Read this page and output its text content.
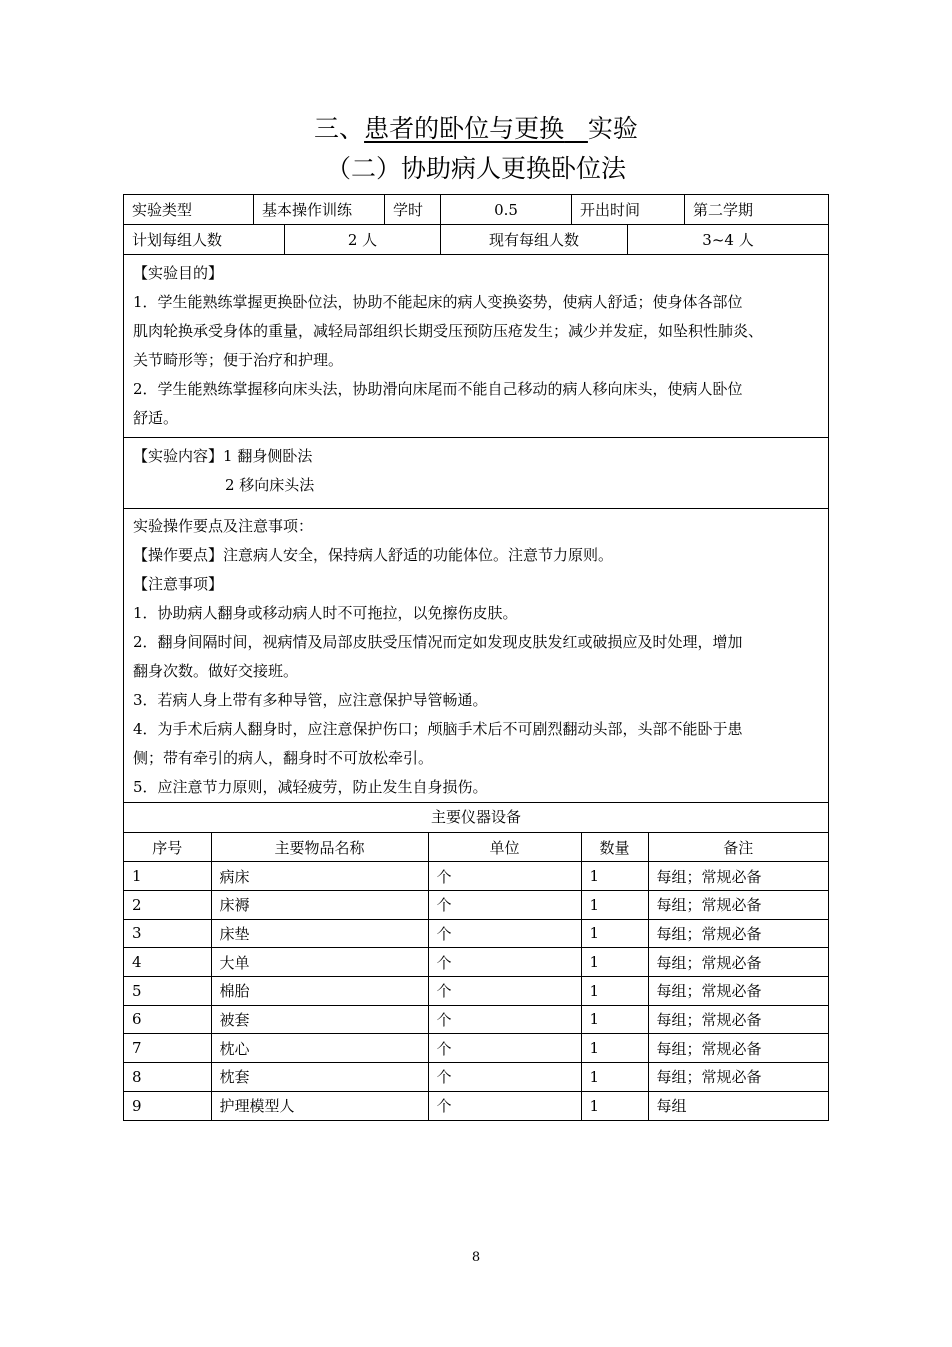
三、患者的卧位与更换 实验
（二）协助病人更换卧位法
实验类型	基本操作训练	学时	0.5	开出时间	第二学期
计划每组人数	2 人	现有每组人数	3~4 人

【实验目的】

1．学生能熟练掌握更换卧位法，协助不能起床的病人变换姿势，使病人舒适；使身体各部位

肌肉轮换承受身体的重量，减轻局部组织长期受压预防压疮发生；减少并发症，如坠积性肺炎、

关节畸形等；便于治疗和护理。

2．学生能熟练掌握移向床头法，协助滑向床尾而不能自己移动的病人移向床头，使病人卧位

舒适。

【实验内容】1 翻身侧卧法

2 移向床头法

实验操作要点及注意事项：

【操作要点】注意病人安全，保持病人舒适的功能体位。注意节力原则。

【注意事项】

1．协助病人翻身或移动病人时不可拖拉，以免擦伤皮肤。

2．翻身间隔时间，视病情及局部皮肤受压情况而定如发现皮肤发红或破损应及时处理，增加

翻身次数。做好交接班。

3．若病人身上带有多种导管，应注意保护导管畅通。

4．为手术后病人翻身时，应注意保护伤口；颅脑手术后不可剧烈翻动头部，头部不能卧于患

侧；带有牵引的病人，翻身时不可放松牵引。

5．应注意节力原则，减轻疲劳，防止发生自身损伤。

主要仪器设备
序号	主要物品名称	单位	数量	备注
1	病床	个	1	每组；常规必备
2	床褥	个	1	每组；常规必备
3	床垫	个	1	每组；常规必备
4	大单	个	1	每组；常规必备
5	棉胎	个	1	每组；常规必备
6	被套	个	1	每组；常规必备
7	枕心	个	1	每组；常规必备
8	枕套	个	1	每组；常规必备
9	护理模型人	个	1	每组
8
